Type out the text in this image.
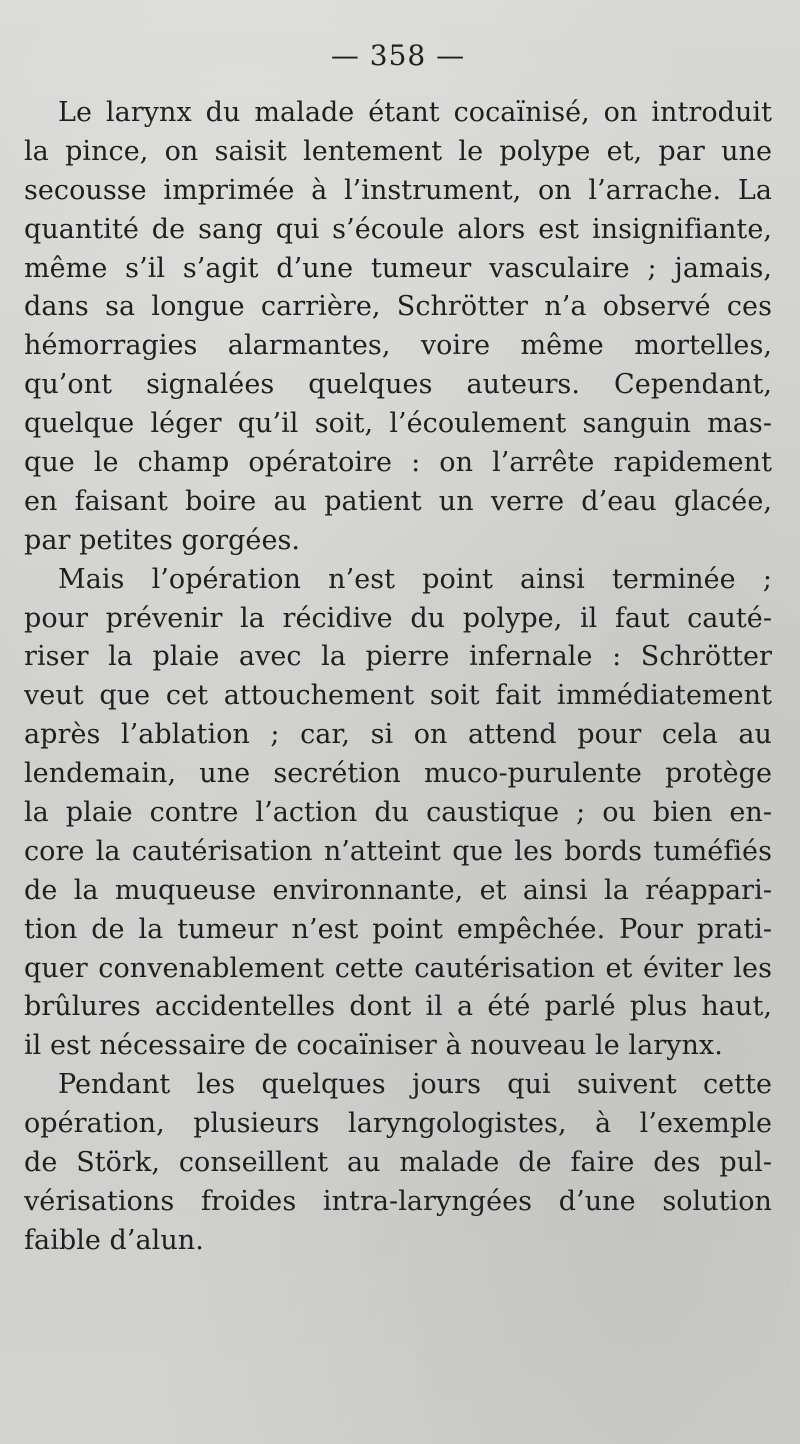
— 358 —
Le larynx du malade étant cocaïnisé, on introduit
la pince, on saisit lentement le polype et, par une
secousse imprimée à l’instrument, on l’arrache. La
quantité de sang qui s’écoule alors est insignifiante,
même s’il s’agit d’une tumeur vasculaire ; jamais,
dans sa longue carrière, Schrötter n’a observé ces
hémorragies alarmantes, voire même mortelles,
qu’ont signalées quelques auteurs. Cependant,
quelque léger qu’il soit, l’écoulement sanguin mas-
que le champ opératoire : on l’arrête rapidement
en faisant boire au patient un verre d’eau glacée,
par petites gorgées.
Mais l’opération n’est point ainsi terminée ;
pour prévenir la récidive du polype, il faut cauté-
riser la plaie avec la pierre infernale : Schrötter
veut que cet attouchement soit fait immédiatement
après l’ablation ; car, si on attend pour cela au
lendemain, une secrétion muco-purulente protège
la plaie contre l’action du caustique ; ou bien en-
core la cautérisation n’atteint que les bords tuméfiés
de la muqueuse environnante, et ainsi la réappari-
tion de la tumeur n’est point empêchée. Pour prati-
quer convenablement cette cautérisation et éviter les
brûlures accidentelles dont il a été parlé plus haut,
il est nécessaire de cocaïniser à nouveau le larynx.
Pendant les quelques jours qui suivent cette
opération, plusieurs laryngologistes, à l’exemple
de Störk, conseillent au malade de faire des pul-
vérisations froides intra-laryngées d’une solution
faible d’alun.
